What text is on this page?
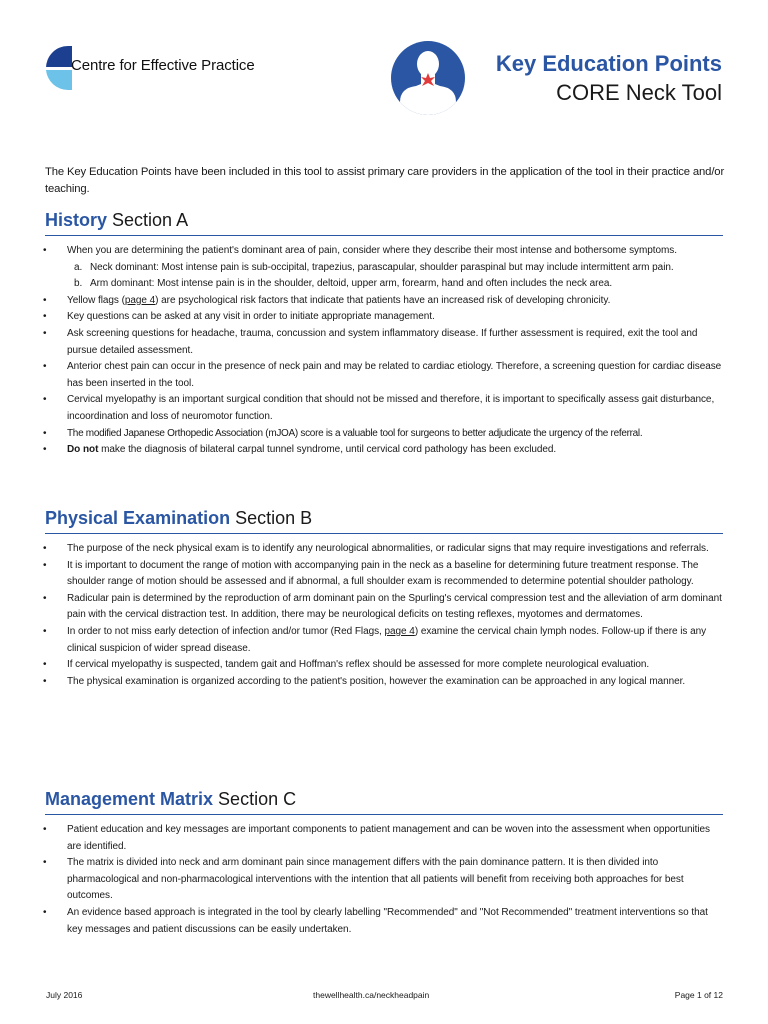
Centre for Effective Practice	Key Education Points
CORE Neck Tool
The Key Education Points have been included in this tool to assist primary care providers in the application of the tool in their practice and/or teaching.
History Section A
• When you are determining the patient's dominant area of pain, consider where they describe their most intense and bothersome symptoms.
a. Neck dominant: Most intense pain is sub-occipital, trapezius, parascapular, shoulder paraspinal but may include intermittent arm pain.
b. Arm dominant: Most intense pain is in the shoulder, deltoid, upper arm, forearm, hand and often includes the neck area.
• Yellow flags (page 4) are psychological risk factors that indicate that patients have an increased risk of developing chronicity.
• Key questions can be asked at any visit in order to initiate appropriate management.
• Ask screening questions for headache, trauma, concussion and system inflammatory disease. If further assessment is required, exit the tool and pursue detailed assessment.
• Anterior chest pain can occur in the presence of neck pain and may be related to cardiac etiology. Therefore, a screening question for cardiac disease has been inserted in the tool.
• Cervical myelopathy is an important surgical condition that should not be missed and therefore, it is important to specifically assess gait disturbance, incoordination and loss of neuromotor function.
• The modified Japanese Orthopedic Association (mJOA) score is a valuable tool for surgeons to better adjudicate the urgency of the referral.
• Do not make the diagnosis of bilateral carpal tunnel syndrome, until cervical cord pathology has been excluded.
Physical Examination Section B
• The purpose of the neck physical exam is to identify any neurological abnormalities, or radicular signs that may require investigations and referrals.
• It is important to document the range of motion with accompanying pain in the neck as a baseline for determining future treatment response. The shoulder range of motion should be assessed and if abnormal, a full shoulder exam is recommended to determine potential shoulder pathology.
• Radicular pain is determined by the reproduction of arm dominant pain on the Spurling's cervical compression test and the alleviation of arm dominant pain with the cervical distraction test. In addition, there may be neurological deficits on testing reflexes, myotomes and dermatomes.
• In order to not miss early detection of infection and/or tumor (Red Flags, page 4) examine the cervical chain lymph nodes. Follow-up if there is any clinical suspicion of wider spread disease.
• If cervical myelopathy is suspected, tandem gait and Hoffman's reflex should be assessed for more complete neurological evaluation.
• The physical examination is organized according to the patient's position, however the examination can be approached in any logical manner.
Management Matrix Section C
• Patient education and key messages are important components to patient management and can be woven into the assessment when opportunities are identified.
• The matrix is divided into neck and arm dominant pain since management differs with the pain dominance pattern. It is then divided into pharmacological and non-pharmacological interventions with the intention that all patients will benefit from receiving both approaches for best outcomes.
• An evidence based approach is integrated in the tool by clearly labelling "Recommended" and "Not Recommended" treatment interventions so that key messages and patient discussions can be easily undertaken.
July 2016	thewellhealth.ca/neckheadpain	Page 1 of 12
